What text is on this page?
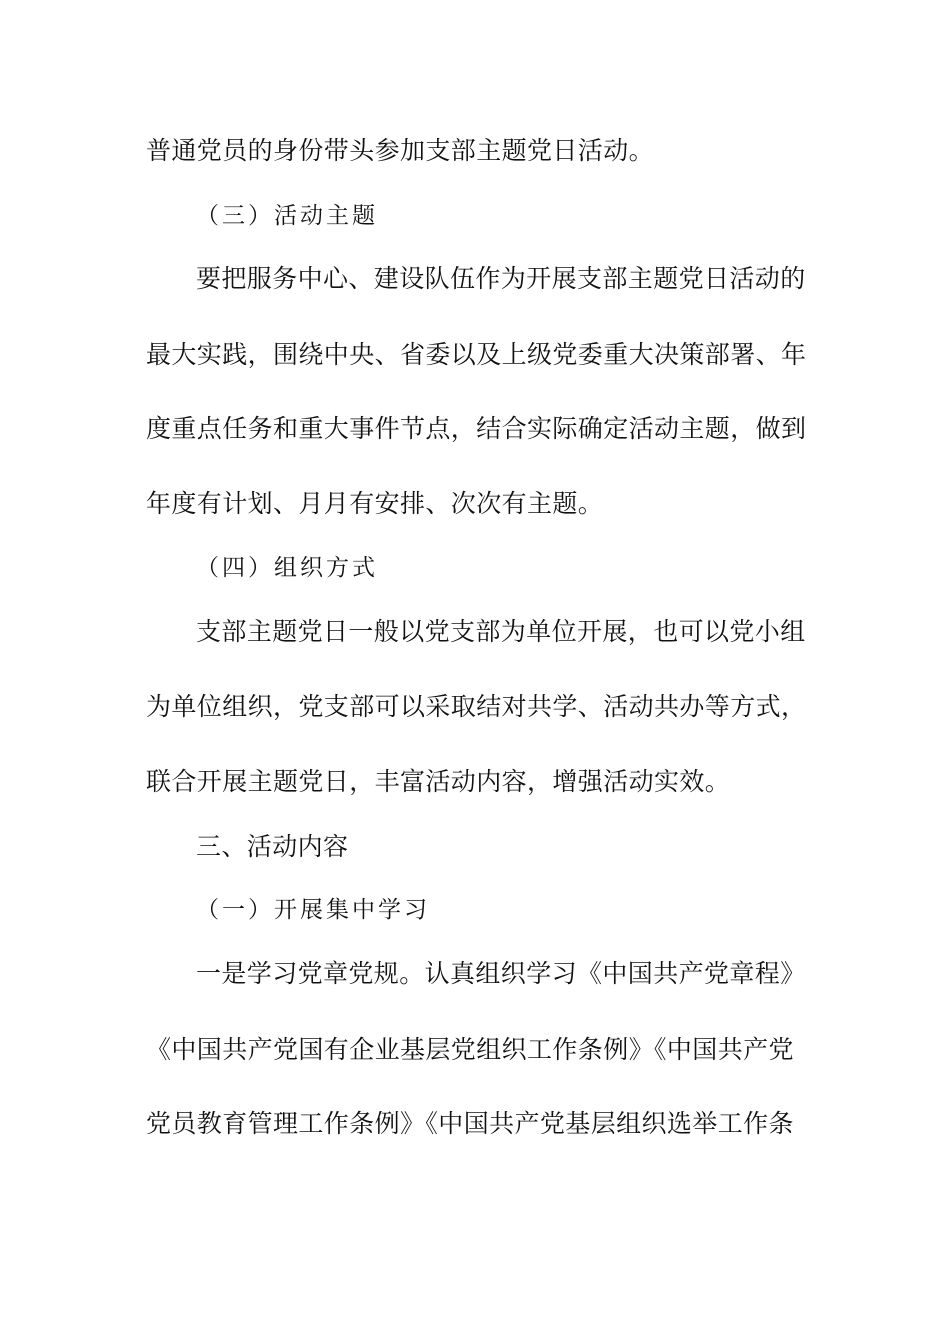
普通党员的身份带头参加支部主题党日活动。
（三）活动主题
要把服务中心、建设队伍作为开展支部主题党日活动的
最大实践，围绕中央、省委以及上级党委重大决策部署、年
度重点任务和重大事件节点，结合实际确定活动主题，做到
年度有计划、月月有安排、次次有主题。
（四）组织方式
支部主题党日一般以党支部为单位开展，也可以党小组
为单位组织，党支部可以采取结对共学、活动共办等方式，
联合开展主题党日，丰富活动内容，增强活动实效。
三、活动内容
（一）开展集中学习
一是学习党章党规。认真组织学习《中国共产党章程》
《中国共产党国有企业基层党组织工作条例》《中国共产党
党员教育管理工作条例》《中国共产党基层组织选举工作条
